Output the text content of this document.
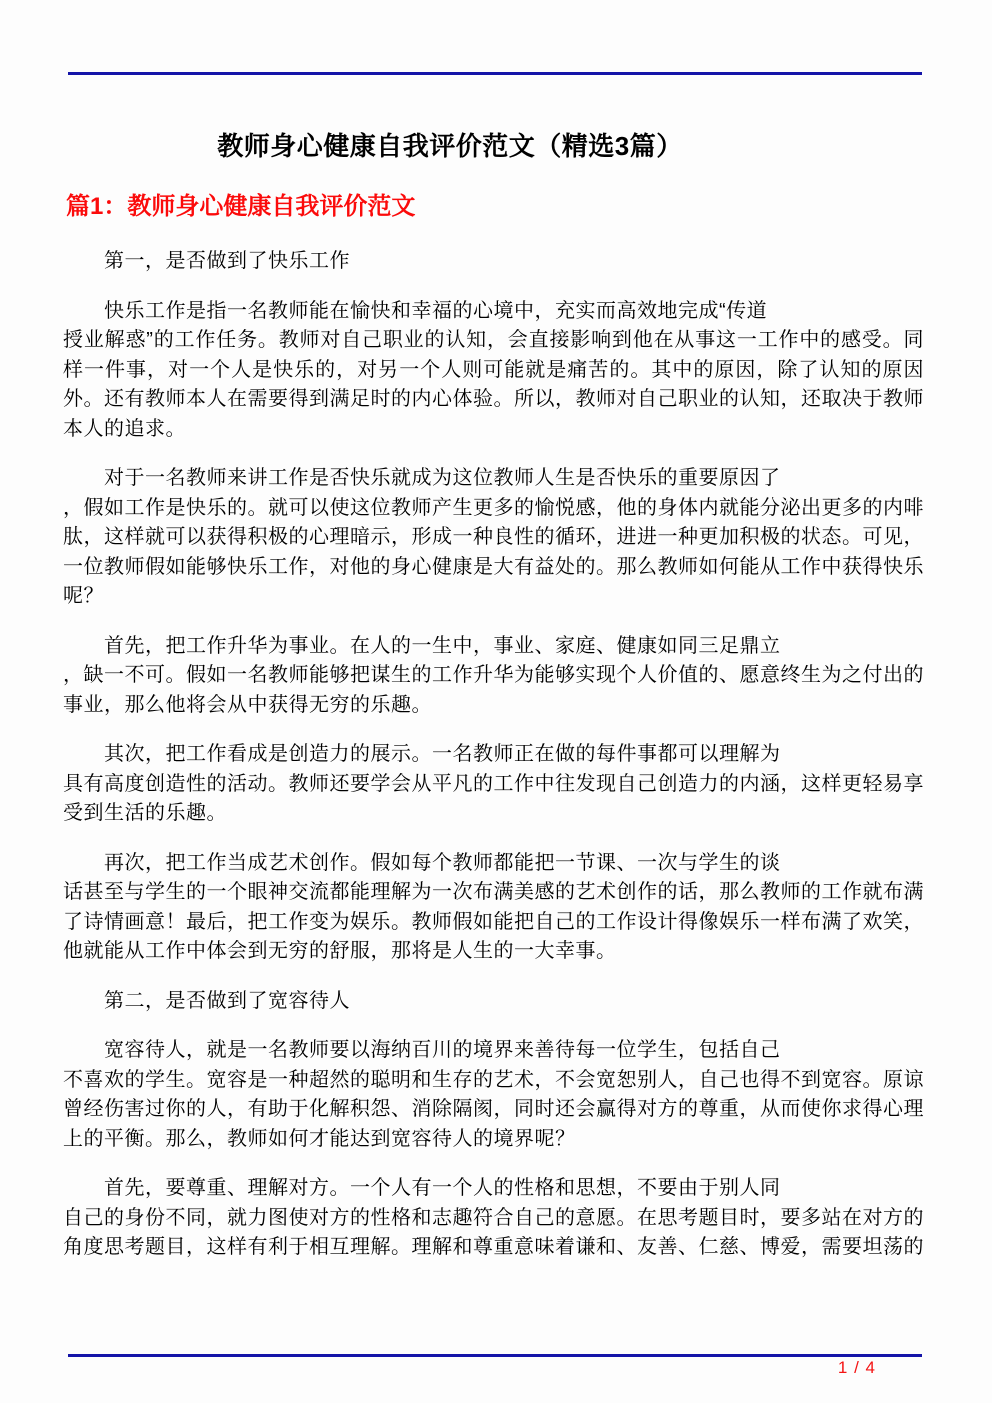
教师身心健康自我评价范文（精选3篇）
篇1：教师身心健康自我评价范文

第一，是否做到了快乐工作

快乐工作是指一名教师能在愉快和幸福的心境中，充实而高效地完成“传道
授业解惑”的工作任务。教师对自己职业的认知，会直接影响到他在从事这一工作中的感受。同样一件事，对一个人是快乐的，对另一个人则可能就是痛苦的。其中的原因，除了认知的原因外。还有教师本人在需要得到满足时的内心体验。所以，教师对自己职业的认知，还取决于教师本人的追求。

对于一名教师来讲工作是否快乐就成为这位教师人生是否快乐的重要原因了
，假如工作是快乐的。就可以使这位教师产生更多的愉悦感，他的身体内就能分泌出更多的内啡肽，这样就可以获得积极的心理暗示，形成一种良性的循环，进进一种更加积极的状态。可见，一位教师假如能够快乐工作，对他的身心健康是大有益处的。那么教师如何能从工作中获得快乐呢？

首先，把工作升华为事业。在人的一生中，事业、家庭、健康如同三足鼎立
，缺一不可。假如一名教师能够把谋生的工作升华为能够实现个人价值的、愿意终生为之付出的事业，那么他将会从中获得无穷的乐趣。

其次，把工作看成是创造力的展示。一名教师正在做的每件事都可以理解为
具有高度创造性的活动。教师还要学会从平凡的工作中往发现自己创造力的内涵，这样更轻易享受到生活的乐趣。

再次，把工作当成艺术创作。假如每个教师都能把一节课、一次与学生的谈
话甚至与学生的一个眼神交流都能理解为一次布满美感的艺术创作的话，那么教师的工作就布满了诗情画意！最后，把工作变为娱乐。教师假如能把自己的工作设计得像娱乐一样布满了欢笑，他就能从工作中体会到无穷的舒服，那将是人生的一大幸事。

第二，是否做到了宽容待人

宽容待人，就是一名教师要以海纳百川的境界来善待每一位学生，包括自己
不喜欢的学生。宽容是一种超然的聪明和生存的艺术，不会宽恕别人，自己也得不到宽容。原谅曾经伤害过你的人，有助于化解积怨、消除隔阂，同时还会赢得对方的尊重，从而使你求得心理上的平衡。那么，教师如何才能达到宽容待人的境界呢？

首先，要尊重、理解对方。一个人有一个人的性格和思想，不要由于别人同
自己的身份不同，就力图使对方的性格和志趣符合自己的意愿。在思考题目时，要多站在对方的角度思考题目，这样有利于相互理解。理解和尊重意味着谦和、友善、仁慈、博爱，需要坦荡的

1 / 4
